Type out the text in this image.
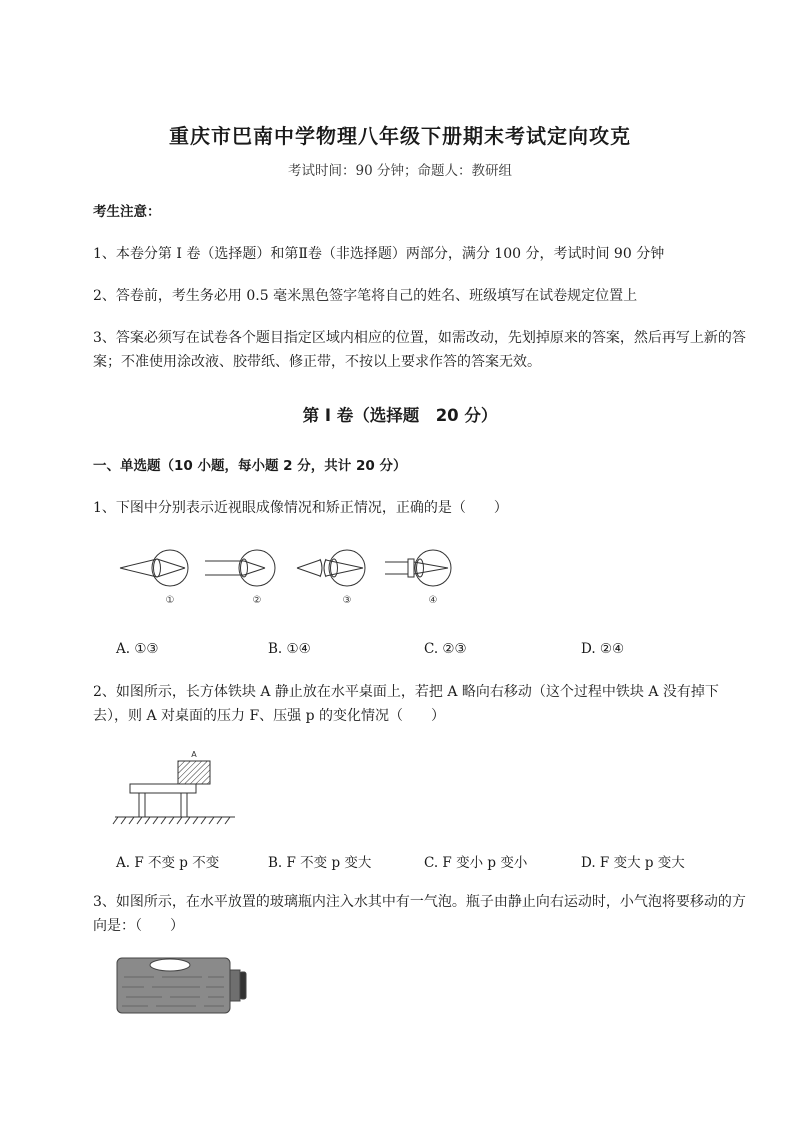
重庆市巴南中学物理八年级下册期末考试定向攻克
考试时间：90 分钟；命题人：教研组
考生注意：
1、本卷分第 I 卷（选择题）和第Ⅱ卷（非选择题）两部分，满分 100 分，考试时间 90 分钟
2、答卷前，考生务必用 0.5 毫米黑色签字笔将自己的姓名、班级填写在试卷规定位置上
3、答案必须写在试卷各个题目指定区域内相应的位置，如需改动，先划掉原来的答案，然后再写上新的答案；不准使用涂改液、胶带纸、修正带，不按以上要求作答的答案无效。
第 I 卷（选择题　20 分）
一、单选题（10 小题，每小题 2 分，共计 20 分）
1、下图中分别表示近视眼成像情况和矫正情况，正确的是（　　）
①	②	③	④
A. ①③	B. ①④	C. ②③	D. ②④
2、如图所示，长方体铁块 A 静止放在水平桌面上，若把 A 略向右移动（这个过程中铁块 A 没有掉下去），则 A 对桌面的压力 F、压强 p 的变化情况（　　）
A
A. F 不变 p 不变	B. F 不变 p 变大	C. F 变小 p 变小	D. F 变大 p 变大
3、如图所示，在水平放置的玻璃瓶内注入水其中有一气泡。瓶子由静止向右运动时，小气泡将要移动的方向是：（　　）
